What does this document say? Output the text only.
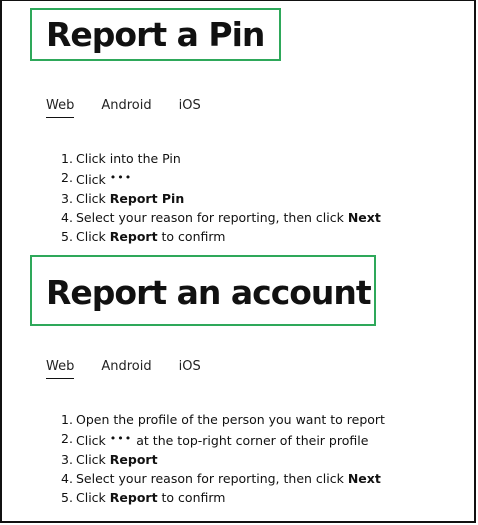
Report a Pin
Web Android iOS
1. Click into the Pin
2. Click •••
3. Click Report Pin
4. Select your reason for reporting, then click Next
5. Click Report to confirm
Report an account
Web Android iOS
1. Open the profile of the person you want to report
2. Click ••• at the top-right corner of their profile
3. Click Report
4. Select your reason for reporting, then click Next
5. Click Report to confirm
